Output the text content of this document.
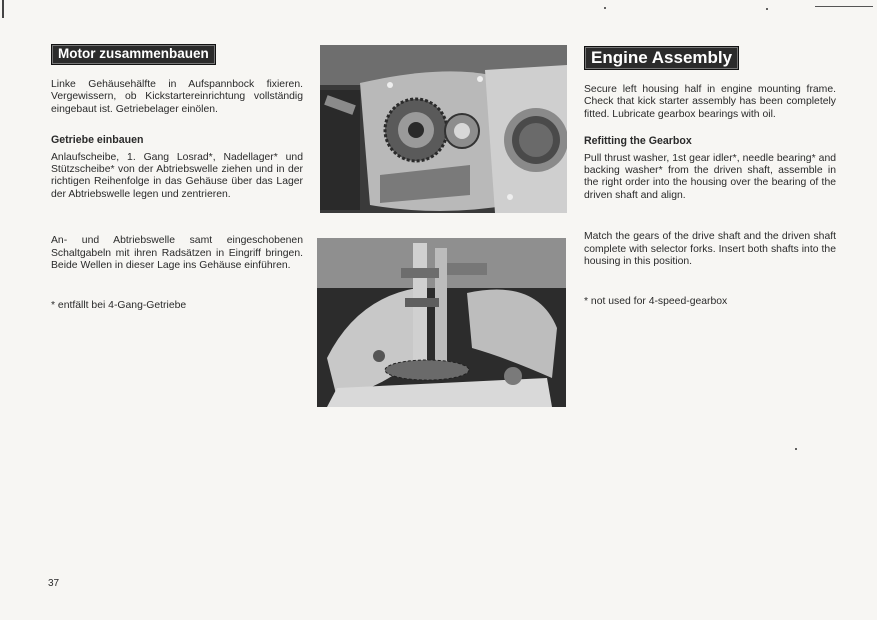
Motor zusammenbauen

Linke Gehäusehälfte in Aufspannbock fixieren. Vergewissern, ob Kickstartereinrichtung vollständig eingebaut ist. Getriebelager einölen.

Getriebe einbauen

Anlaufscheibe, 1. Gang Losrad*, Nadellager* und Stützscheibe* von der Abtriebswelle ziehen und in der richtigen Reihenfolge in das Gehäuse über das Lager der Abtriebswelle legen und zentrieren.

An- und Abtriebswelle samt eingeschobenen Schaltgabeln mit ihren Radsätzen in Eingriff bringen. Beide Wellen in dieser Lage ins Gehäuse einführen.

* entfällt bei 4-Gang-Getriebe

Engine Assembly

Secure left housing half in engine mounting frame. Check that kick starter assembly has been completely fitted. Lubricate gearbox bearings with oil.

Refitting the Gearbox

Pull thrust washer, 1st gear idler*, needle bearing* and backing washer* from the driven shaft, assemble in the right order into the housing over the bearing of the driven shaft and align.

Match the gears of the drive shaft and the driven shaft complete with selector forks. Insert both shafts into the housing in this position.

* not used for 4-speed-gearbox

37
